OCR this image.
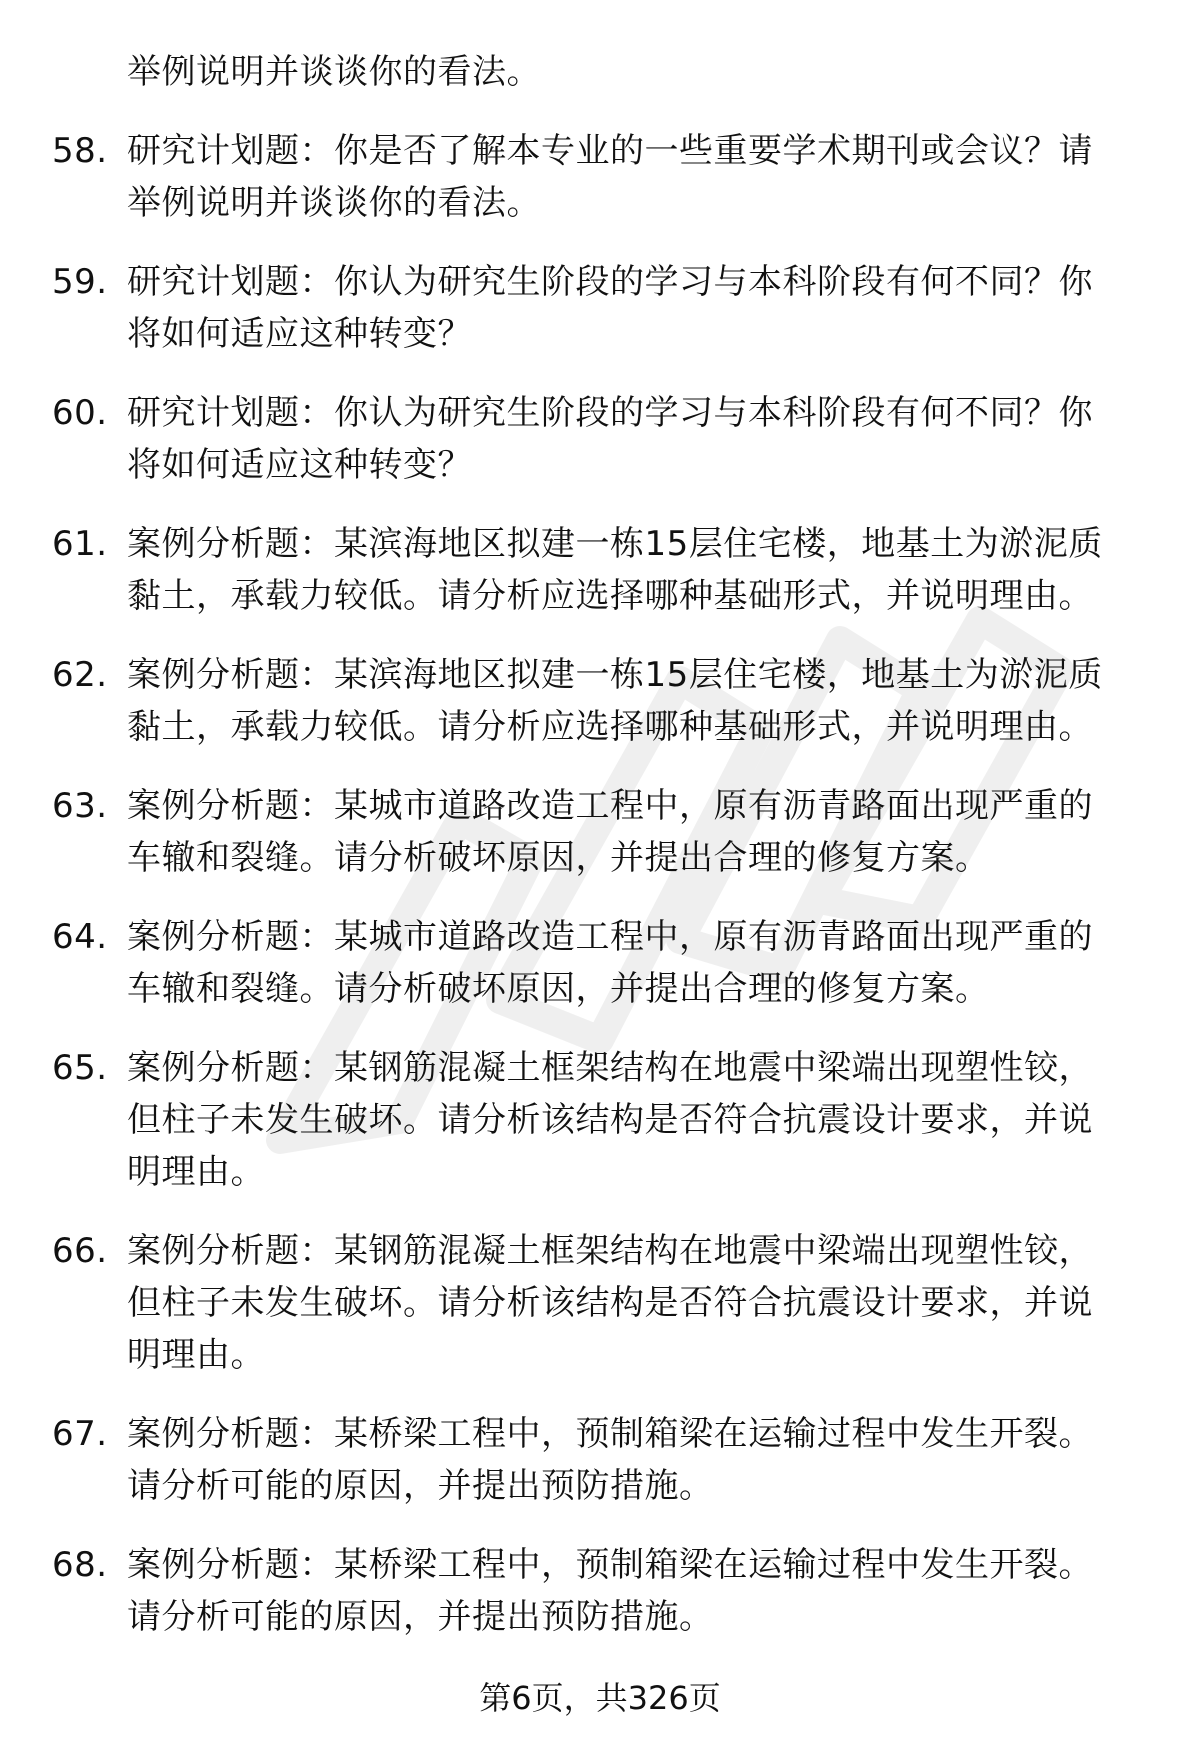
举例说明并谈谈你的看法。
58. 研究计划题：你是否了解本专业的一些重要学术期刊或会议？请
举例说明并谈谈你的看法。
59. 研究计划题：你认为研究生阶段的学习与本科阶段有何不同？你
将如何适应这种转变？
60. 研究计划题：你认为研究生阶段的学习与本科阶段有何不同？你
将如何适应这种转变？
61. 案例分析题：某滨海地区拟建一栋15层住宅楼，地基土为淤泥质
黏土，承载力较低。请分析应选择哪种基础形式，并说明理由。
62. 案例分析题：某滨海地区拟建一栋15层住宅楼，地基土为淤泥质
黏土，承载力较低。请分析应选择哪种基础形式，并说明理由。
63. 案例分析题：某城市道路改造工程中，原有沥青路面出现严重的
车辙和裂缝。请分析破坏原因，并提出合理的修复方案。
64. 案例分析题：某城市道路改造工程中，原有沥青路面出现严重的
车辙和裂缝。请分析破坏原因，并提出合理的修复方案。
65. 案例分析题：某钢筋混凝土框架结构在地震中梁端出现塑性铰，
但柱子未发生破坏。请分析该结构是否符合抗震设计要求，并说
明理由。
66. 案例分析题：某钢筋混凝土框架结构在地震中梁端出现塑性铰，
但柱子未发生破坏。请分析该结构是否符合抗震设计要求，并说
明理由。
67. 案例分析题：某桥梁工程中，预制箱梁在运输过程中发生开裂。
请分析可能的原因，并提出预防措施。
68. 案例分析题：某桥梁工程中，预制箱梁在运输过程中发生开裂。
请分析可能的原因，并提出预防措施。
第6页，共326页
